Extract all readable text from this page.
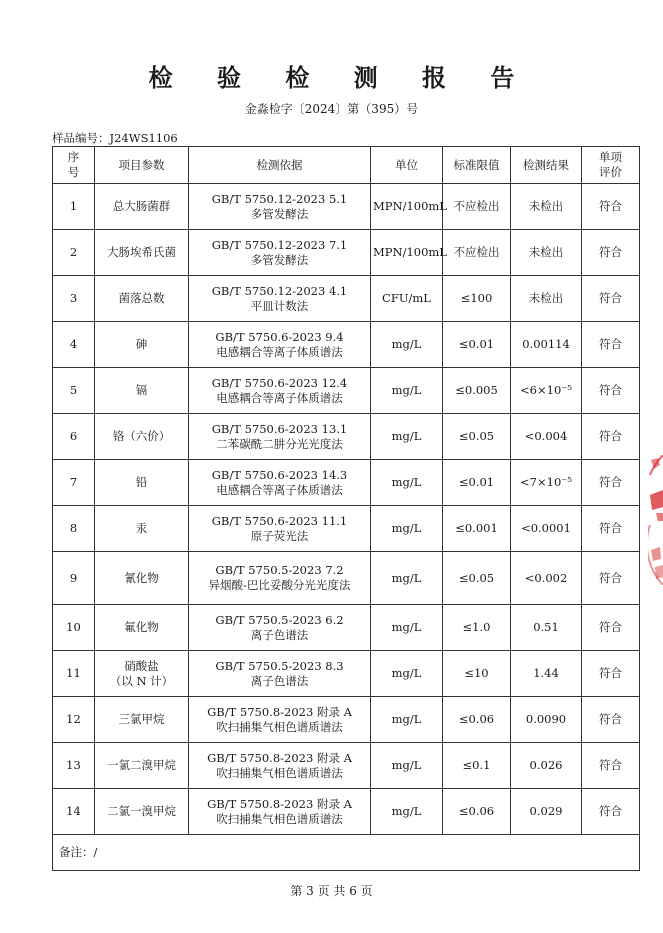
检 验 检 测 报 告
金淼检字〔2024〕第（395）号
样品编号：J24WS1106
序
号	项目参数	检测依据	单位	标准限值	检测结果	单项
评价
1	总大肠菌群	GB/T 5750.12-2023 5.1
多管发酵法	MPN/100mL	不应检出	未检出	符合
2	大肠埃希氏菌	GB/T 5750.12-2023 7.1
多管发酵法	MPN/100mL	不应检出	未检出	符合
3	菌落总数	GB/T 5750.12-2023 4.1
平皿计数法	CFU/mL	≤100	未检出	符合
4	砷	GB/T 5750.6-2023 9.4
电感耦合等离子体质谱法	mg/L	≤0.01	0.00114	符合
5	镉	GB/T 5750.6-2023 12.4
电感耦合等离子体质谱法	mg/L	≤0.005	<6×10⁻⁵	符合
6	铬（六价）	GB/T 5750.6-2023 13.1
二苯碳酰二肼分光光度法	mg/L	≤0.05	<0.004	符合
7	铅	GB/T 5750.6-2023 14.3
电感耦合等离子体质谱法	mg/L	≤0.01	<7×10⁻⁵	符合
8	汞	GB/T 5750.6-2023 11.1
原子荧光法	mg/L	≤0.001	<0.0001	符合
9	氰化物	GB/T 5750.5-2023 7.2
异烟酸-巴比妥酸分光光度法	mg/L	≤0.05	<0.002	符合
10	氟化物	GB/T 5750.5-2023 6.2
离子色谱法	mg/L	≤1.0	0.51	符合
11	硝酸盐
（以 N 计）	GB/T 5750.5-2023 8.3
离子色谱法	mg/L	≤10	1.44	符合
12	三氯甲烷	GB/T 5750.8-2023 附录 A
吹扫捕集气相色谱质谱法	mg/L	≤0.06	0.0090	符合
13	一氯二溴甲烷	GB/T 5750.8-2023 附录 A
吹扫捕集气相色谱质谱法	mg/L	≤0.1	0.026	符合
14	二氯一溴甲烷	GB/T 5750.8-2023 附录 A
吹扫捕集气相色谱质谱法	mg/L	≤0.06	0.029	符合
备注：/						
第 3 页 共 6 页
